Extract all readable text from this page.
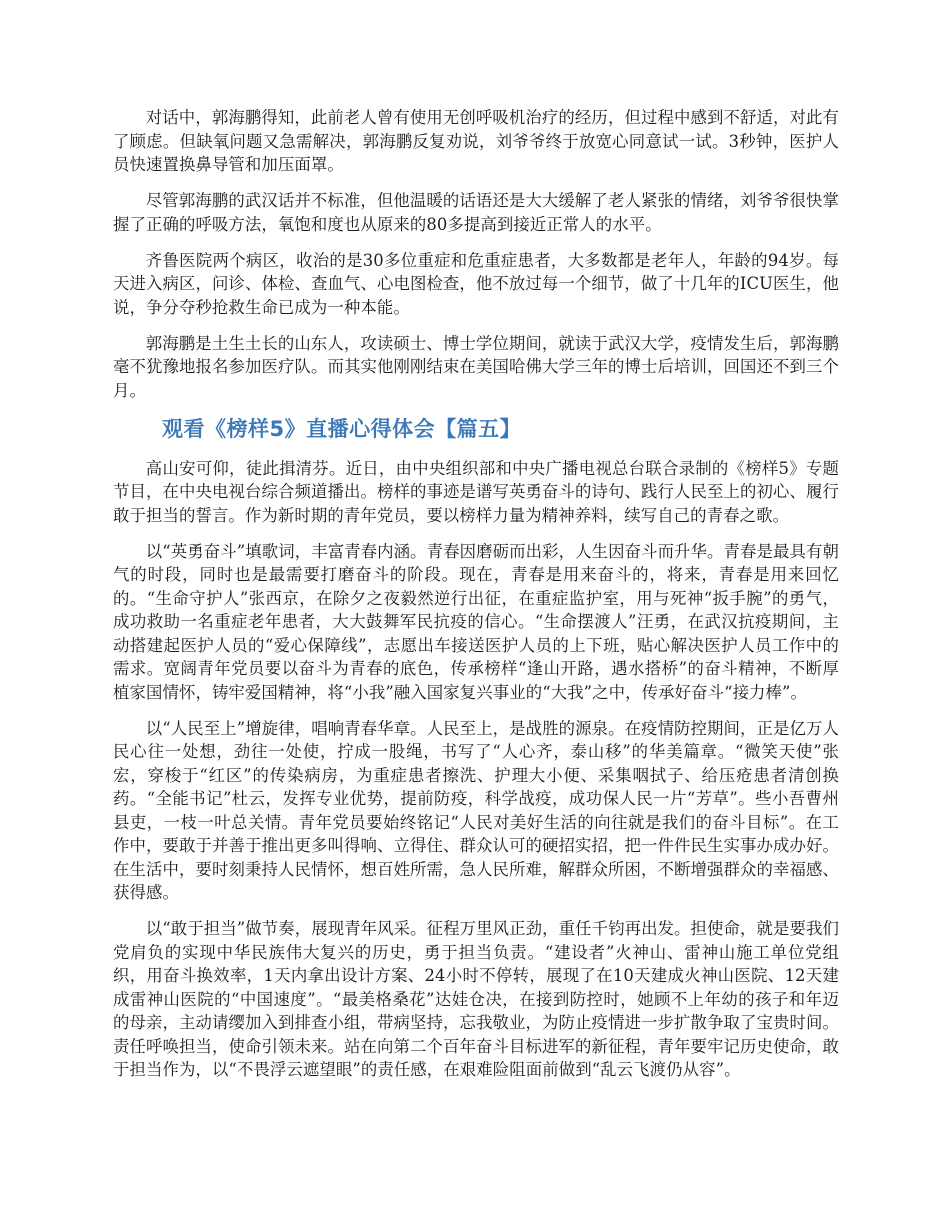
对话中，郭海鹏得知，此前老人曾有使用无创呼吸机治疗的经历，但过程中感到不舒适，对此有了顾虑。但缺氧问题又急需解决，郭海鹏反复劝说，刘爷爷终于放宽心同意试一试。3秒钟，医护人员快速置换鼻导管和加压面罩。

尽管郭海鹏的武汉话并不标准，但他温暖的话语还是大大缓解了老人紧张的情绪，刘爷爷很快掌握了正确的呼吸方法，氧饱和度也从原来的80多提高到接近正常人的水平。

齐鲁医院两个病区，收治的是30多位重症和危重症患者，大多数都是老年人，年龄的94岁。每天进入病区，问诊、体检、查血气、心电图检查，他不放过每一个细节，做了十几年的ICU医生，他说，争分夺秒抢救生命已成为一种本能。

郭海鹏是土生土长的山东人，攻读硕士、博士学位期间，就读于武汉大学，疫情发生后，郭海鹏毫不犹豫地报名参加医疗队。而其实他刚刚结束在美国哈佛大学三年的博士后培训，回国还不到三个月。

观看《榜样5》直播心得体会【篇五】

高山安可仰，徒此揖清芬。近日，由中央组织部和中央广播电视总台联合录制的《榜样5》专题节目，在中央电视台综合频道播出。榜样的事迹是谱写英勇奋斗的诗句、践行人民至上的初心、履行敢于担当的誓言。作为新时期的青年党员，要以榜样力量为精神养料，续写自己的青春之歌。

以“英勇奋斗”填歌词，丰富青春内涵。青春因磨砺而出彩，人生因奋斗而升华。青春是最具有朝气的时段，同时也是最需要打磨奋斗的阶段。现在，青春是用来奋斗的，将来，青春是用来回忆的。“生命守护人”张西京，在除夕之夜毅然逆行出征，在重症监护室，用与死神“扳手腕”的勇气，成功救助一名重症老年患者，大大鼓舞军民抗疫的信心。“生命摆渡人”汪勇，在武汉抗疫期间，主动搭建起医护人员的“爱心保障线”，志愿出车接送医护人员的上下班，贴心解决医护人员工作中的需求。宽阔青年党员要以奋斗为青春的底色，传承榜样“逢山开路，遇水搭桥”的奋斗精神，不断厚植家国情怀，铸牢爱国精神，将“小我”融入国家复兴事业的“大我”之中，传承好奋斗“接力棒”。

以“人民至上”增旋律，唱响青春华章。人民至上，是战胜的源泉。在疫情防控期间，正是亿万人民心往一处想，劲往一处使，拧成一股绳，书写了“人心齐，泰山移”的华美篇章。“微笑天使”张宏，穿梭于“红区”的传染病房，为重症患者擦洗、护理大小便、采集咽拭子、给压疮患者清创换药。“全能书记”杜云，发挥专业优势，提前防疫，科学战疫，成功保人民一片“芳草”。些小吾曹州县吏，一枝一叶总关情。青年党员要始终铭记“人民对美好生活的向往就是我们的奋斗目标”。在工作中，要敢于并善于推出更多叫得响、立得住、群众认可的硬招实招，把一件件民生实事办成办好。在生活中，要时刻秉持人民情怀，想百姓所需，急人民所难，解群众所困，不断增强群众的幸福感、获得感。

以“敢于担当”做节奏，展现青年风采。征程万里风正劲，重任千钧再出发。担使命，就是要我们党肩负的实现中华民族伟大复兴的历史，勇于担当负责。“建设者”火神山、雷神山施工单位党组织，用奋斗换效率，1天内拿出设计方案、24小时不停转，展现了在10天建成火神山医院、12天建成雷神山医院的“中国速度”。“最美格桑花”达娃仓决，在接到防控时，她顾不上年幼的孩子和年迈的母亲，主动请缨加入到排查小组，带病坚持，忘我敬业，为防止疫情进一步扩散争取了宝贵时间。责任呼唤担当，使命引领未来。站在向第二个百年奋斗目标进军的新征程，青年要牢记历史使命，敢于担当作为，以“不畏浮云遮望眼”的责任感，在艰难险阻面前做到“乱云飞渡仍从容”。
